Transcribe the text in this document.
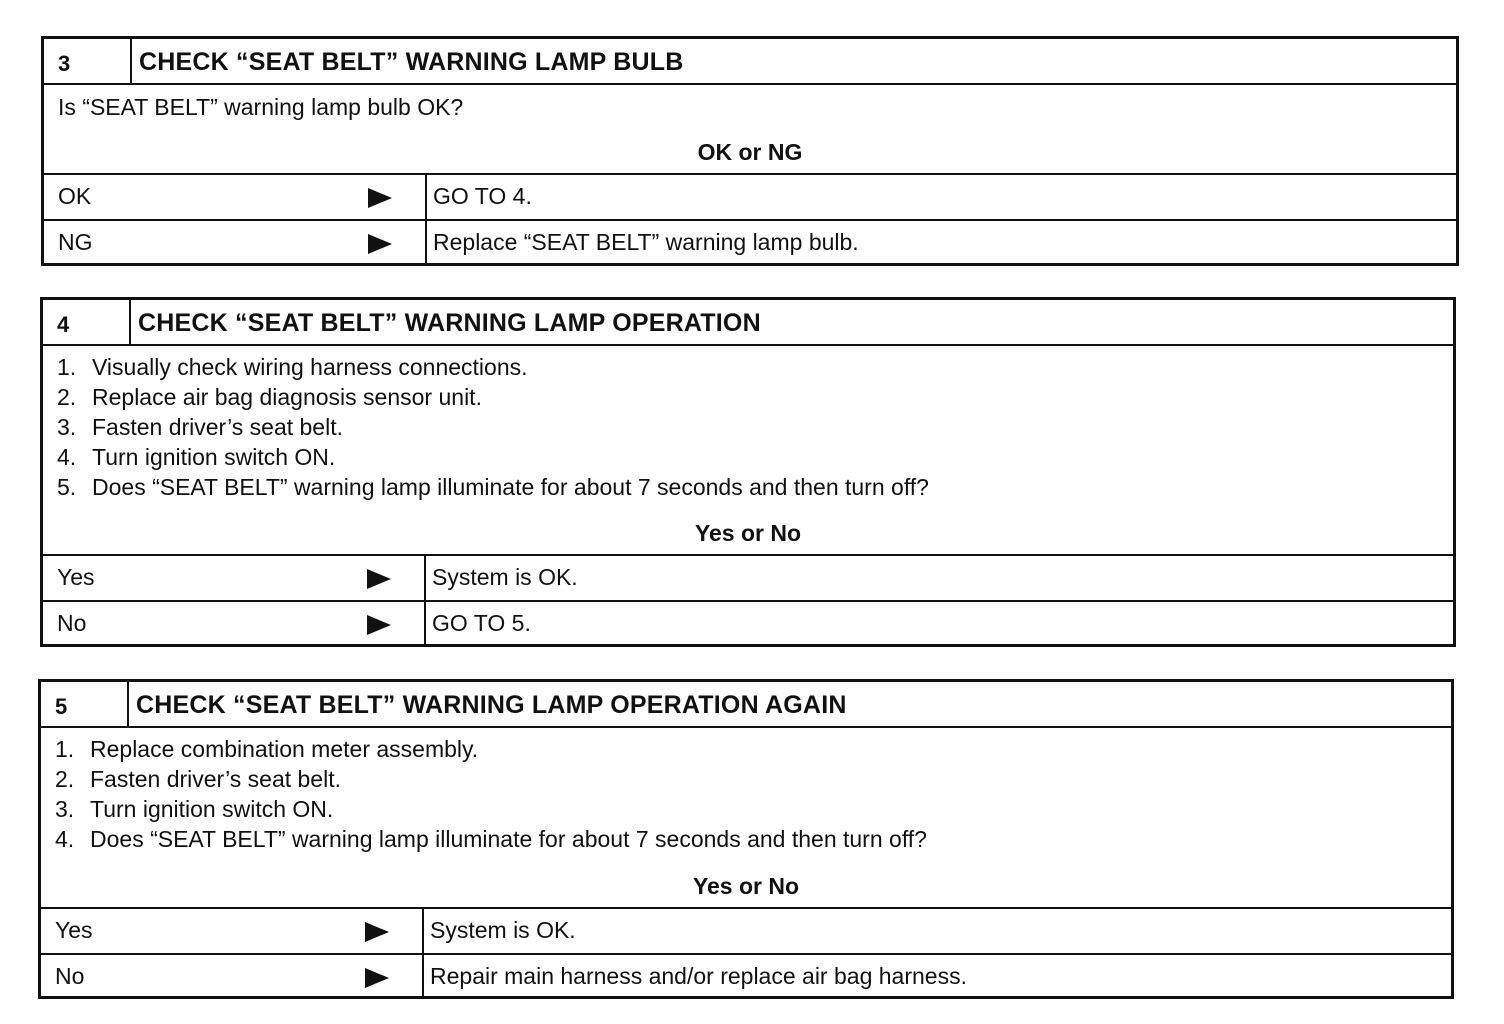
3	CHECK “SEAT BELT” WARNING LAMP BULB
Is “SEAT BELT” warning lamp bulb OK?
OK or NG
OK	GO TO 4.
NG	Replace “SEAT BELT” warning lamp bulb.
4	CHECK “SEAT BELT” WARNING LAMP OPERATION
1. Visually check wiring harness connections.
2. Replace air bag diagnosis sensor unit.
3. Fasten driver’s seat belt.
4. Turn ignition switch ON.
5. Does “SEAT BELT” warning lamp illuminate for about 7 seconds and then turn off?
Yes or No
Yes	System is OK.
No	GO TO 5.
5	CHECK “SEAT BELT” WARNING LAMP OPERATION AGAIN
1. Replace combination meter assembly.
2. Fasten driver’s seat belt.
3. Turn ignition switch ON.
4. Does “SEAT BELT” warning lamp illuminate for about 7 seconds and then turn off?
Yes or No
Yes	System is OK.
No	Repair main harness and/or replace air bag harness.
